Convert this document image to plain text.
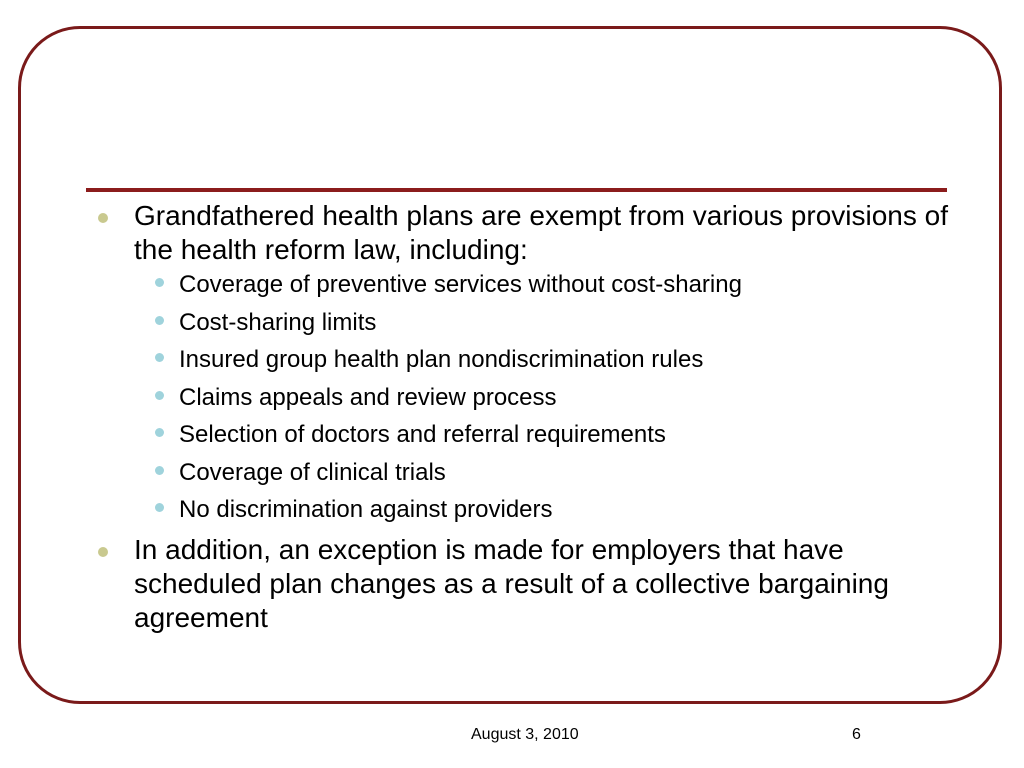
Grandfathered health plans are exempt from various provisions of the health reform law, including:

Coverage of preventive services without cost-sharing

Cost-sharing limits

Insured group health plan nondiscrimination rules

Claims appeals and review process

Selection of doctors and referral requirements

Coverage of clinical trials

No discrimination against providers

In addition, an exception is made for employers that have scheduled plan changes as a result of a collective bargaining agreement

August 3, 2010	6
